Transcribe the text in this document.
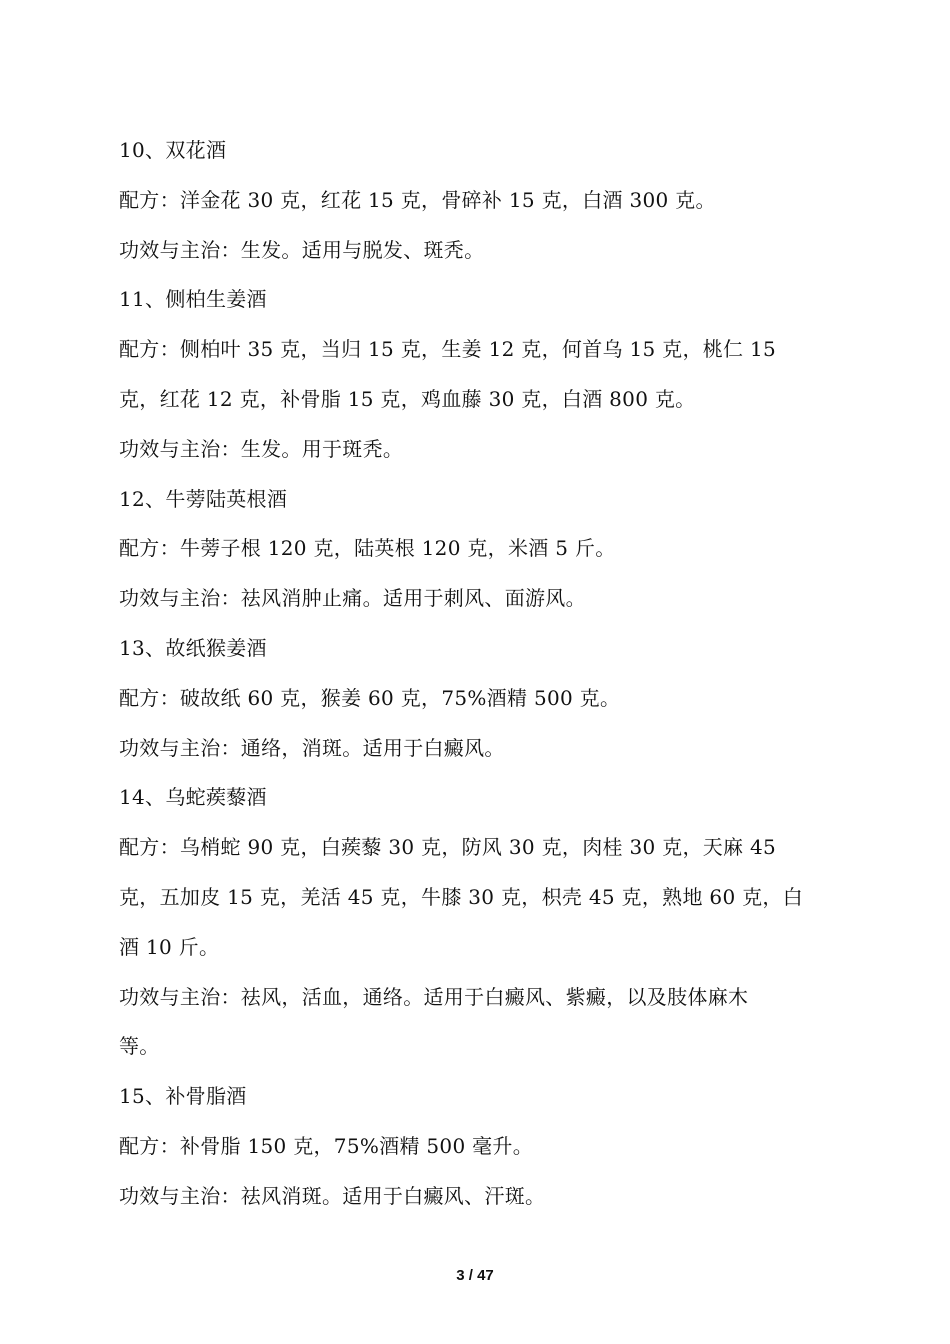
10、双花酒
配方：洋金花 30 克，红花 15 克，骨碎补 15 克，白酒 300 克。
功效与主治：生发。适用与脱发、斑秃。
11、侧柏生姜酒
配方：侧柏叶 35 克，当归 15 克，生姜 12 克，何首乌 15 克，桃仁 15
克，红花 12 克，补骨脂 15 克，鸡血藤 30 克，白酒 800 克。
功效与主治：生发。用于斑秃。
12、牛蒡陆英根酒
配方：牛蒡子根 120 克，陆英根 120 克，米酒 5 斤。
功效与主治：祛风消肿止痛。适用于刺风、面游风。
13、故纸猴姜酒
配方：破故纸 60 克，猴姜 60 克，75%酒精 500 克。
功效与主治：通络，消斑。适用于白癜风。
14、乌蛇蒺藜酒
配方：乌梢蛇 90 克，白蒺藜 30 克，防风 30 克，肉桂 30 克，天麻 45
克，五加皮 15 克，羌活 45 克，牛膝 30 克，枳壳 45 克，熟地 60 克，白
酒 10 斤。
功效与主治：祛风，活血，通络。适用于白癜风、紫癜，以及肢体麻木
等。
15、补骨脂酒
配方：补骨脂 150 克，75%酒精 500 毫升。
功效与主治：祛风消斑。适用于白癜风、汗斑。
3 / 47
